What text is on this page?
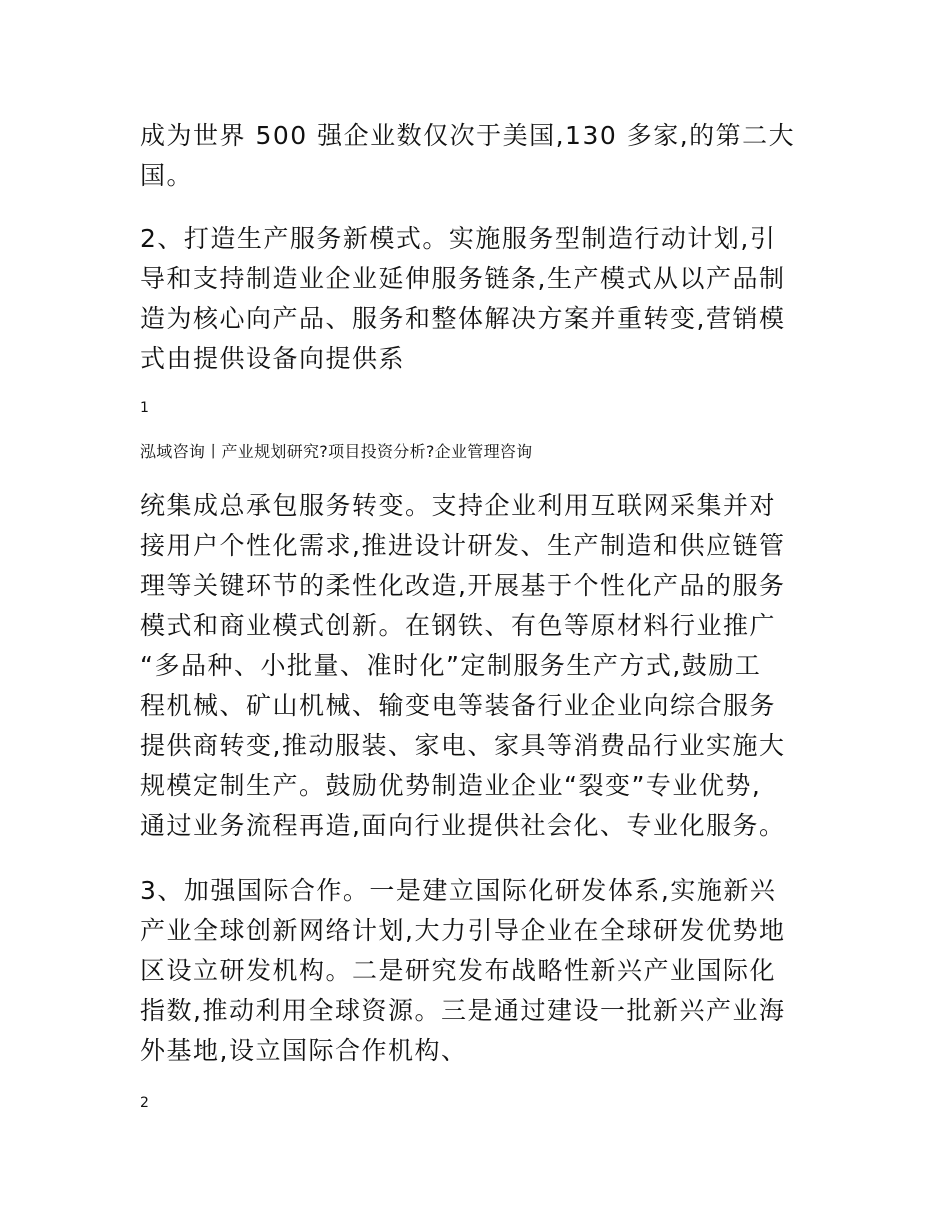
成为世界 500 强企业数仅次于美国,130 多家,的第二大
国。

2、打造生产服务新模式。实施服务型制造行动计划,引
导和支持制造业企业延伸服务链条,生产模式从以产品制
造为核心向产品、服务和整体解决方案并重转变,营销模
式由提供设备向提供系

1
泓域咨询丨产业规划研究?项目投资分析?企业管理咨询

统集成总承包服务转变。支持企业利用互联网采集并对
接用户个性化需求,推进设计研发、生产制造和供应链管
理等关键环节的柔性化改造,开展基于个性化产品的服务
模式和商业模式创新。在钢铁、有色等原材料行业推广
“多品种、小批量、准时化”定制服务生产方式,鼓励工
程机械、矿山机械、输变电等装备行业企业向综合服务
提供商转变,推动服装、家电、家具等消费品行业实施大
规模定制生产。鼓励优势制造业企业“裂变”专业优势,
通过业务流程再造,面向行业提供社会化、专业化服务。

3、加强国际合作。一是建立国际化研发体系,实施新兴
产业全球创新网络计划,大力引导企业在全球研发优势地
区设立研发机构。二是研究发布战略性新兴产业国际化
指数,推动利用全球资源。三是通过建设一批新兴产业海
外基地,设立国际合作机构、

2
